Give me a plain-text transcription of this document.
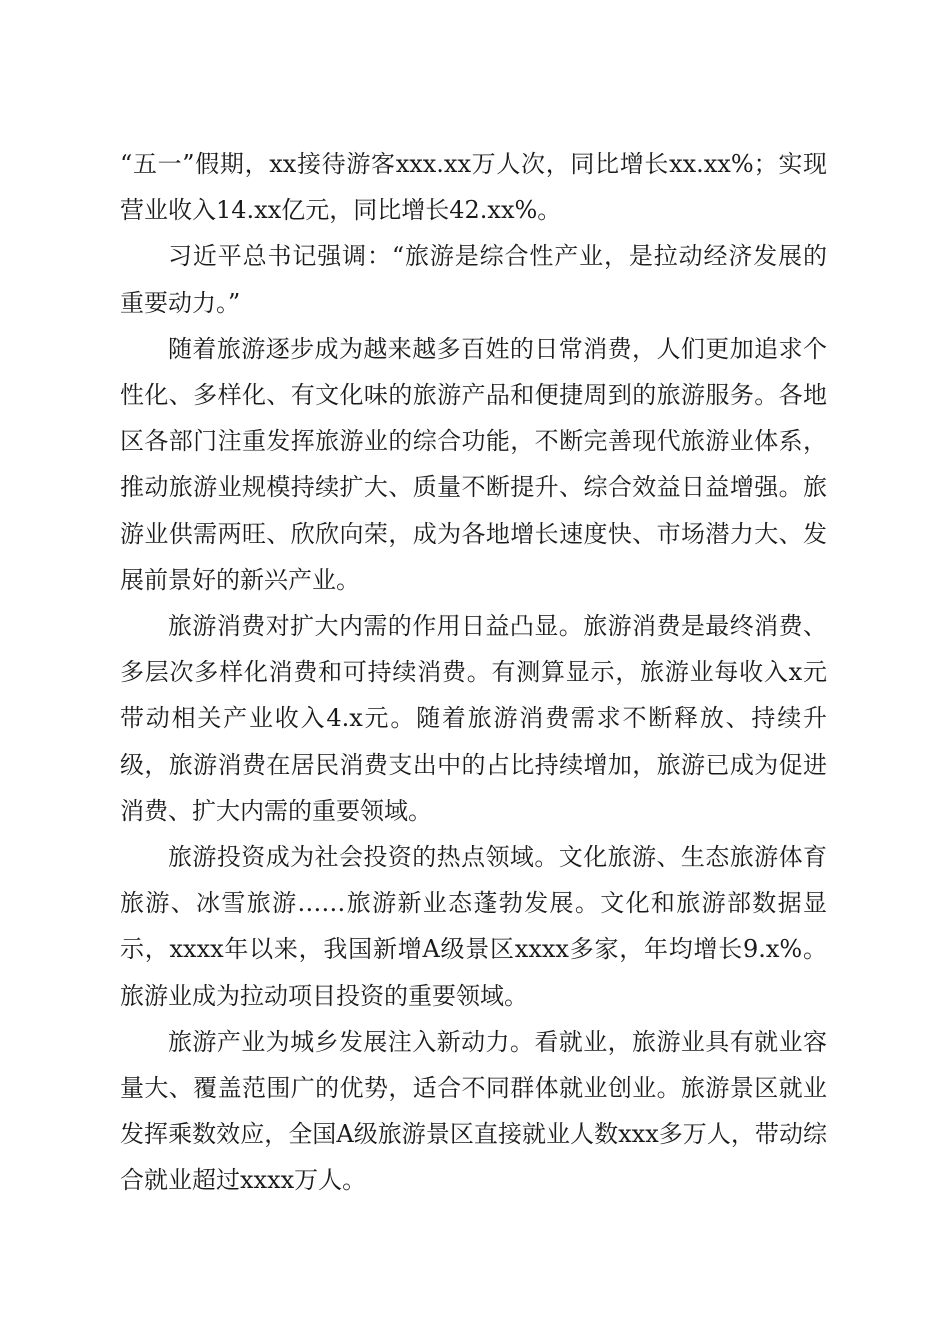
“五一”假期，xx接待游客xxx.xx万人次，同比增长xx.xx%；实现营业收入14.xx亿元，同比增长42.xx%。

习近平总书记强调：“旅游是综合性产业，是拉动经济发展的重要动力。”

随着旅游逐步成为越来越多百姓的日常消费，人们更加追求个性化、多样化、有文化味的旅游产品和便捷周到的旅游服务。各地区各部门注重发挥旅游业的综合功能，不断完善现代旅游业体系，推动旅游业规模持续扩大、质量不断提升、综合效益日益增强。旅游业供需两旺、欣欣向荣，成为各地增长速度快、市场潜力大、发展前景好的新兴产业。

旅游消费对扩大内需的作用日益凸显。旅游消费是最终消费、多层次多样化消费和可持续消费。有测算显示，旅游业每收入x元带动相关产业收入4.x元。随着旅游消费需求不断释放、持续升级，旅游消费在居民消费支出中的占比持续增加，旅游已成为促进消费、扩大内需的重要领域。

旅游投资成为社会投资的热点领域。文化旅游、生态旅游体育旅游、冰雪旅游……旅游新业态蓬勃发展。文化和旅游部数据显示，xxxx年以来，我国新增A级景区xxxx多家，年均增长9.x%。旅游业成为拉动项目投资的重要领域。

旅游产业为城乡发展注入新动力。看就业，旅游业具有就业容量大、覆盖范围广的优势，适合不同群体就业创业。旅游景区就业发挥乘数效应，全国A级旅游景区直接就业人数xxx多万人，带动综合就业超过xxxx万人。
